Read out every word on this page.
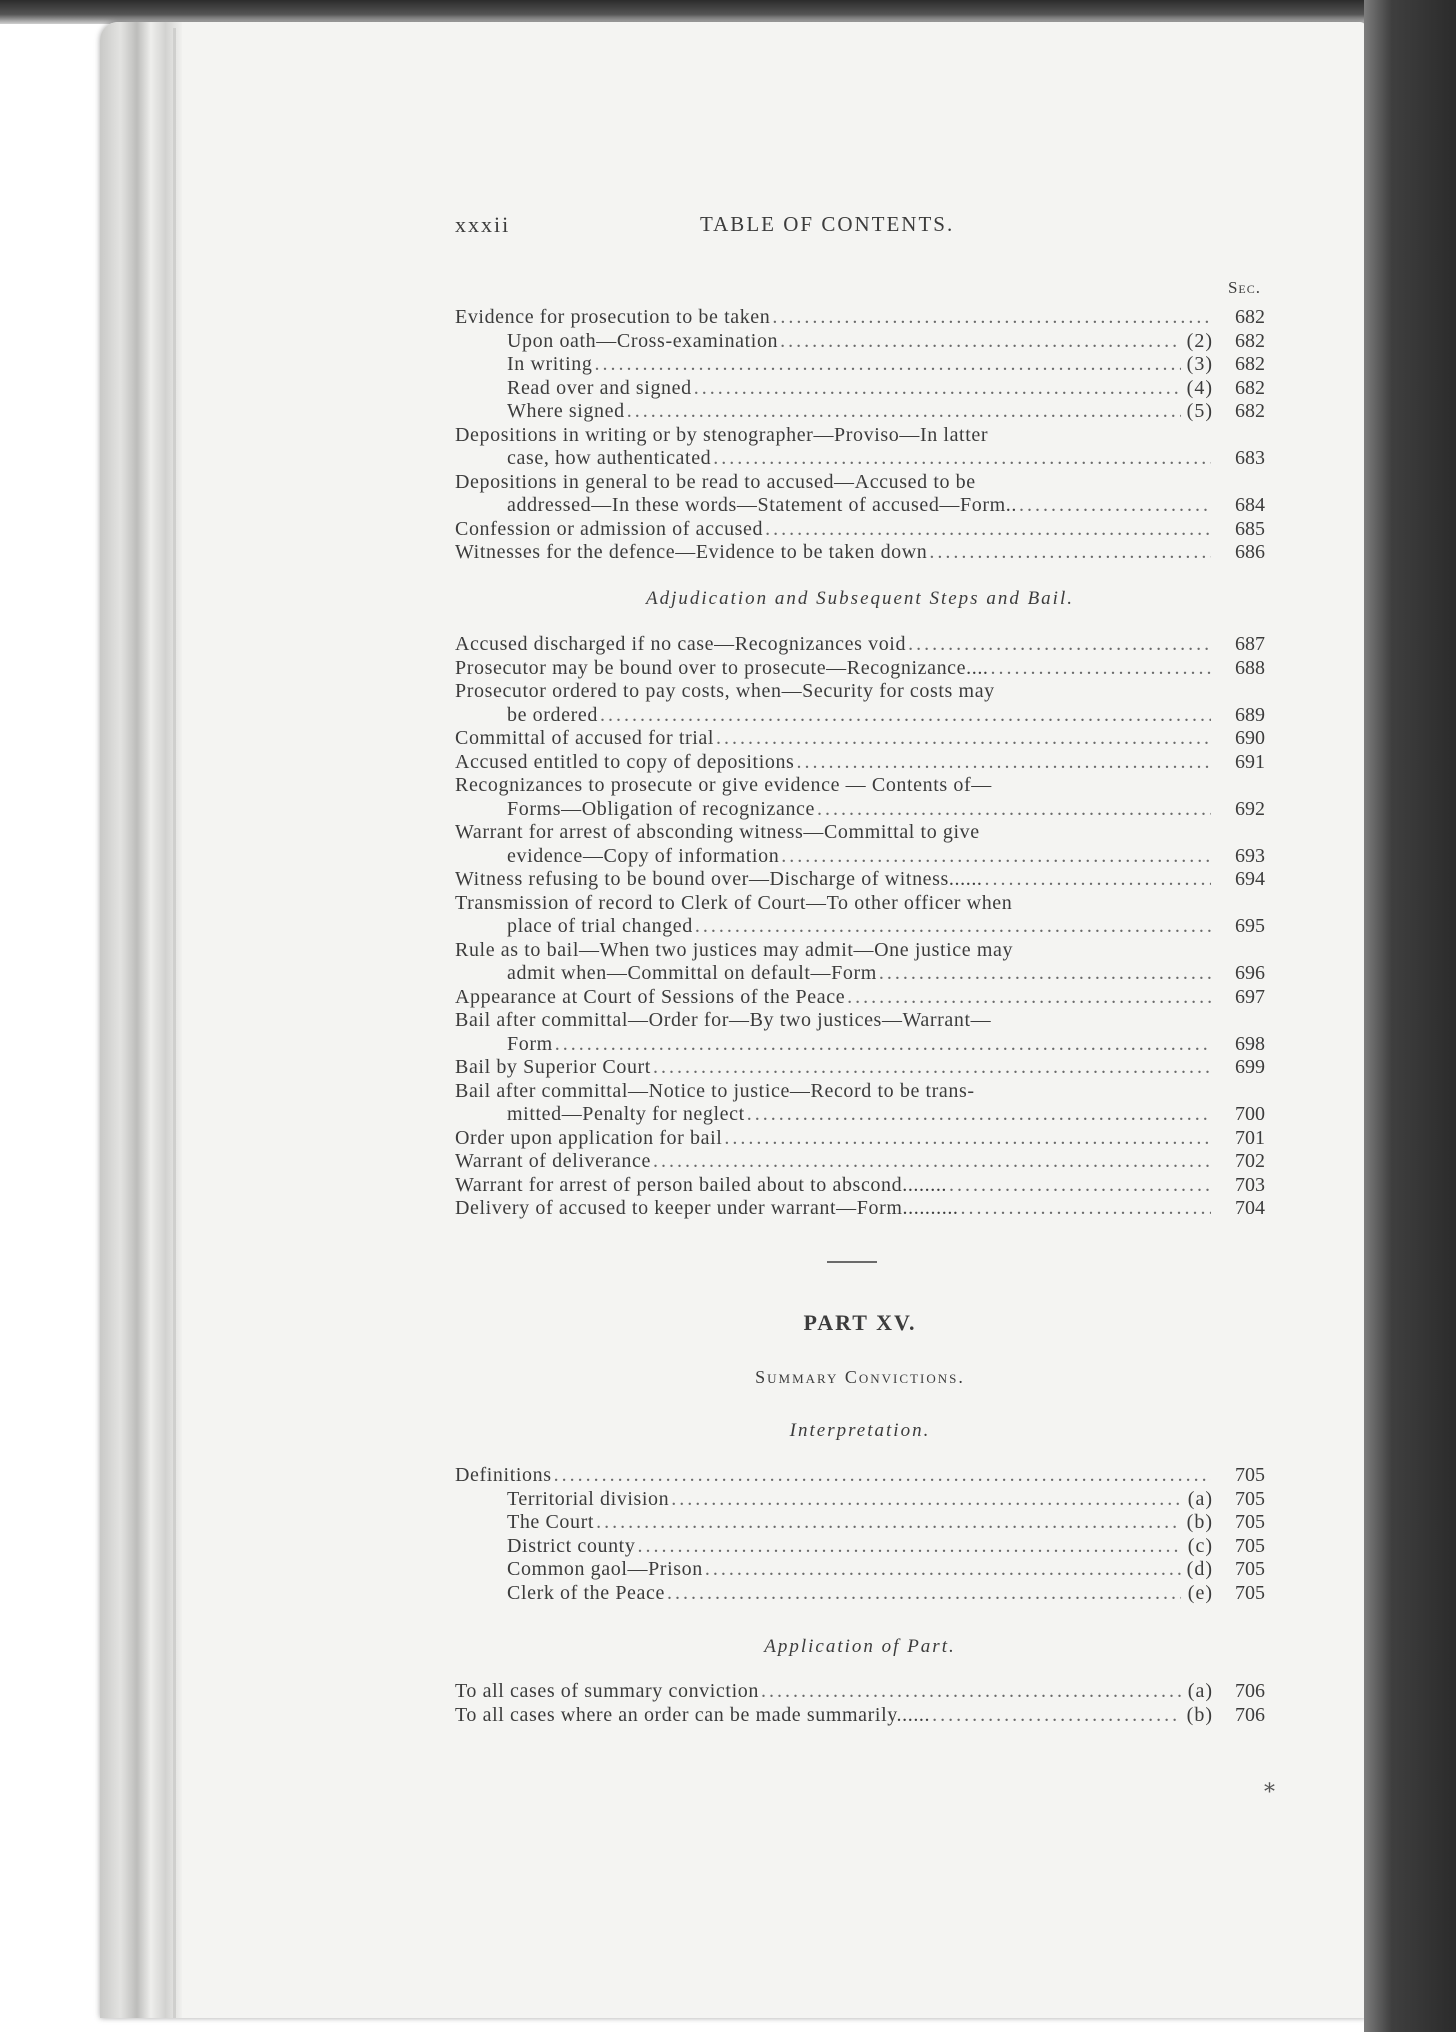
xxxii	TABLE OF CONTENTS.
Sec.
Evidence for prosecution to be taken .....	682
Upon oath—Cross-examination .....	(2)	682
In writing .....	(3)	682
Read over and signed .....	(4)	682
Where signed .....	(5)	682
Depositions in writing or by stenographer—Proviso—In latter
case, how authenticated .....	683
Depositions in general to be read to accused—Accused to be
addressed—In these words—Statement of accused—Form.. .....	684
Confession or admission of accused .....	685
Witnesses for the defence—Evidence to be taken down .....	686
Adjudication and Subsequent Steps and Bail.
Accused discharged if no case—Recognizances void .....	687
Prosecutor may be bound over to prosecute—Recognizance.... .....	688
Prosecutor ordered to pay costs, when—Security for costs may
be ordered .....	689
Committal of accused for trial .....	690
Accused entitled to copy of depositions .....	691
Recognizances to prosecute or give evidence — Contents of—
Forms—Obligation of recognizance .....	692
Warrant for arrest of absconding witness—Committal to give
evidence—Copy of information .....	693
Witness refusing to be bound over—Discharge of witness...... .....	694
Transmission of record to Clerk of Court—To other officer when
place of trial changed .....	695
Rule as to bail—When two justices may admit—One justice may
admit when—Committal on default—Form .....	696
Appearance at Court of Sessions of the Peace .....	697
Bail after committal—Order for—By two justices—Warrant—
Form .....	698
Bail by Superior Court .....	699
Bail after committal—Notice to justice—Record to be trans-
mitted—Penalty for neglect .....	700
Order upon application for bail .....	701
Warrant of deliverance .....	702
Warrant for arrest of person bailed about to abscond........ .....	703
Delivery of accused to keeper under warrant—Form.......... .....	704
PART XV.
Summary Convictions.
Interpretation.
Definitions .....	705
Territorial division .....	(a)	705
The Court .....	(b)	705
District county .....	(c)	705
Common gaol—Prison .....	(d)	705
Clerk of the Peace .....	(e)	705
Application of Part.
To all cases of summary conviction .....	(a)	706
To all cases where an order can be made summarily...... .....	(b)	706
⁎
